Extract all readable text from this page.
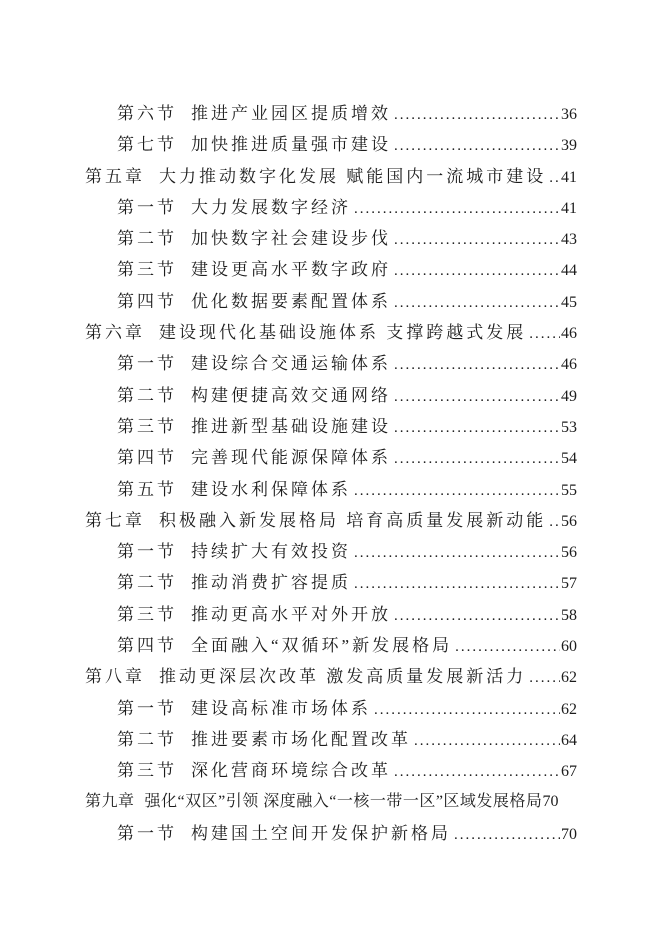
第六节 推进产业园区提质增效 .....	36
第七节 加快推进质量强市建设 .....	39
第五章 大力推动数字化发展 赋能国内一流城市建设 ..... 41
第一节 大力发展数字经济 .....	41
第二节 加快数字社会建设步伐 .....	43
第三节 建设更高水平数字政府 .....	44
第四节 优化数据要素配置体系 .....	45
第六章 建设现代化基础设施体系 支撑跨越式发展 ..... 46
第一节 建设综合交通运输体系 .....	46
第二节 构建便捷高效交通网络 .....	49
第三节 推进新型基础设施建设 .....	53
第四节 完善现代能源保障体系 .....	54
第五节 建设水利保障体系 .....	55
第七章 积极融入新发展格局 培育高质量发展新动能 ..... 56
第一节 持续扩大有效投资 .....	56
第二节 推动消费扩容提质 .....	57
第三节 推动更高水平对外开放 .....	58
第四节 全面融入“双循环”新发展格局 .....	60
第八章 推动更深层次改革 激发高质量发展新活力 ..... 62
第一节 建设高标准市场体系 .....	62
第二节 推进要素市场化配置改革 .....	64
第三节 深化营商环境综合改革 .....	67
第九章 强化“双区”引领 深度融入“一核一带一区”区域发展格局 70
第一节 构建国土空间开发保护新格局 .....	70
